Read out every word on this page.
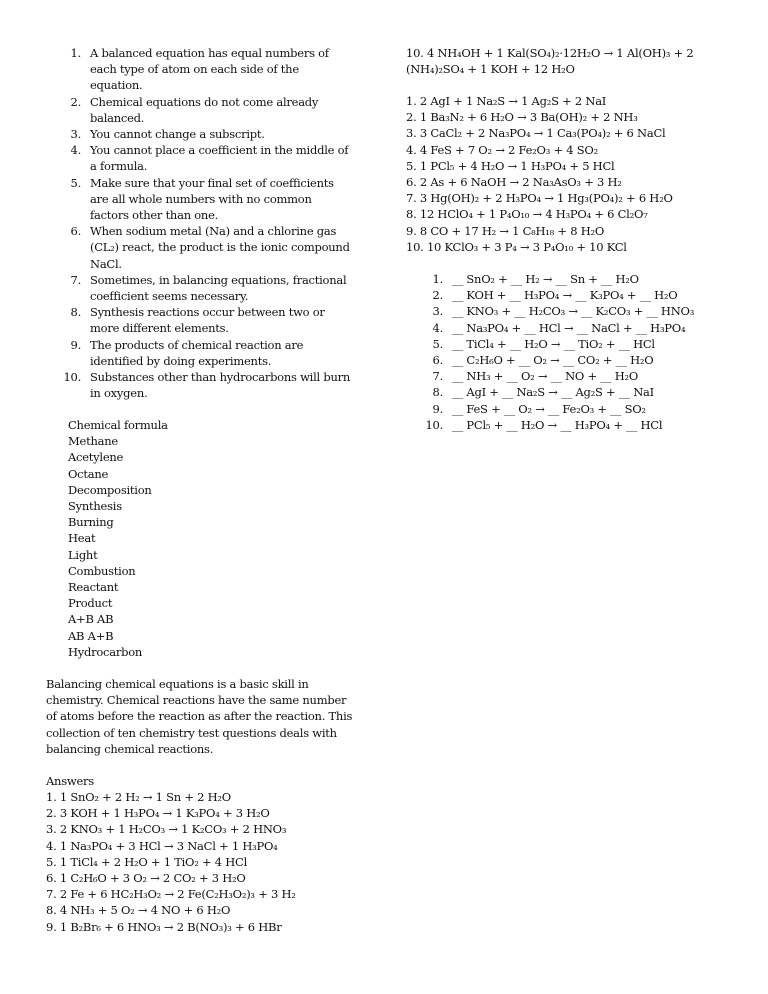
1. A balanced equation has equal numbers of each type of atom on each side of the equation.
2. Chemical equations do not come already balanced.
3. You cannot change a subscript.
4. You cannot place a coefficient in the middle of a formula.
5. Make sure that your final set of coefficients are all whole numbers with no common factors other than one.
6. When sodium metal (Na) and a chlorine gas (CL₂) react, the product is the ionic compound NaCl.
7. Sometimes, in balancing equations, fractional coefficient seems necessary.
8. Synthesis reactions occur between two or more different elements.
9. The products of chemical reaction are identified by doing experiments.
10. Substances other than hydrocarbons will burn in oxygen.
Chemical formula
Methane
Acetylene
Octane
Decomposition
Synthesis
Burning
Heat
Light
Combustion
Reactant
Product
A+B AB
AB A+B
Hydrocarbon

Balancing chemical equations is a basic skill in chemistry. Chemical reactions have the same number of atoms before the reaction as after the reaction. This collection of ten chemistry test questions deals with balancing chemical reactions.

Answers

1. 1 SnO₂ + 2 H₂ → 1 Sn + 2 H₂O
2. 3 KOH + 1 H₃PO₄ → 1 K₃PO₄ + 3 H₂O
3. 2 KNO₃ + 1 H₂CO₃ → 1 K₂CO₃ + 2 HNO₃
4. 1 Na₃PO₄ + 3 HCl → 3 NaCl + 1 H₃PO₄
5. 1 TiCl₄ + 2 H₂O + 1 TiO₂ + 4 HCl
6. 1 C₂H₆O + 3 O₂ → 2 CO₂ + 3 H₂O
7. 2 Fe + 6 HC₂H₃O₂ → 2 Fe(C₂H₃O₂)₃ + 3 H₂
8. 4 NH₃ + 5 O₂ → 4 NO + 6 H₂O
9. 1 B₂Br₆ + 6 HNO₃ → 2 B(NO₃)₃ + 6 HBr
10. 4 NH₄OH + 1 Kal(SO₄)₂·12H₂O → 1 Al(OH)₃ + 2 (NH₄)₂SO₄ + 1 KOH + 12 H₂O
1. 2 AgI + 1 Na₂S → 1 Ag₂S + 2 NaI
2. 1 Ba₃N₂ + 6 H₂O → 3 Ba(OH)₂ + 2 NH₃
3. 3 CaCl₂ + 2 Na₃PO₄ → 1 Ca₃(PO₄)₂ + 6 NaCl
4. 4 FeS + 7 O₂ → 2 Fe₂O₃ + 4 SO₂
5. 1 PCl₅ + 4 H₂O → 1 H₃PO₄ + 5 HCl
6. 2 As + 6 NaOH → 2 Na₃AsO₃ + 3 H₂
7. 3 Hg(OH)₂ + 2 H₃PO₄ → 1 Hg₃(PO₄)₂ + 6 H₂O
8. 12 HClO₄ + 1 P₄O₁₀ → 4 H₃PO₄ + 6 Cl₂O₇
9. 8 CO + 17 H₂ → 1 C₈H₁₈ + 8 H₂O
10. 10 KClO₃ + 3 P₄ → 3 P₄O₁₀ + 10 KCl
1. __ SnO₂ + __ H₂ → __ Sn + __ H₂O
2. __ KOH + __ H₃PO₄ → __ K₃PO₄ + __ H₂O
3. __ KNO₃ + __ H₂CO₃ → __ K₂CO₃ + __ HNO₃
4. __ Na₃PO₄ + __ HCl → __ NaCl + __ H₃PO₄
5. __ TiCl₄ + __ H₂O → __ TiO₂ + __ HCl
6. __ C₂H₆O + __ O₂ → __ CO₂ + __ H₂O
7. __ NH₃ + __ O₂ → __ NO + __ H₂O
8. __ AgI + __ Na₂S → __ Ag₂S + __ NaI
9. __ FeS + __ O₂ → __ Fe₂O₃ + __ SO₂
10. __ PCl₅ + __ H₂O → __ H₃PO₄ + __ HCl
